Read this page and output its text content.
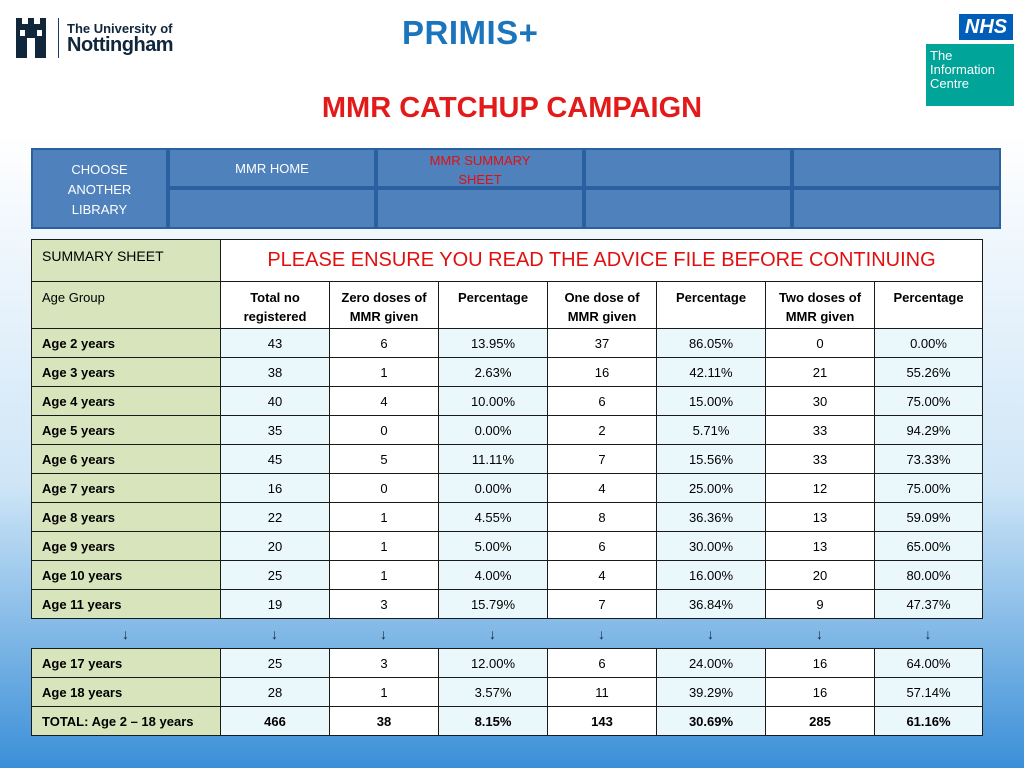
The University of
Nottingham	PRIMIS+	NHS
The
Information
Centre
for health and social care
MMR CATCHUP CAMPAIGN
CHOOSE ANOTHER LIBRARY
MMR HOME
MMR SUMMARY SHEET
SUMMARY SHEET	PLEASE ENSURE YOU READ THE ADVICE FILE BEFORE CONTINUING						
Age Group	Total no registered	Zero doses of MMR given	Percentage	One dose of MMR given	Percentage	Two doses of MMR given	Percentage
Age 2 years	43	6	13.95%	37	86.05%	0	0.00%
Age 3 years	38	1	2.63%	16	42.11%	21	55.26%
Age 4 years	40	4	10.00%	6	15.00%	30	75.00%
Age 5 years	35	0	0.00%	2	5.71%	33	94.29%
Age 6 years	45	5	11.11%	7	15.56%	33	73.33%
Age 7 years	16	0	0.00%	4	25.00%	12	75.00%
Age 8 years	22	1	4.55%	8	36.36%	13	59.09%
Age 9 years	20	1	5.00%	6	30.00%	13	65.00%
Age 10 years	25	1	4.00%	4	16.00%	20	80.00%
Age 11 years	19	3	15.79%	7	36.84%	9	47.37%
↓	↓	↓	↓	↓	↓	↓	↓
Age 17 years	25	3	12.00%	6	24.00%	16	64.00%
Age 18 years	28	1	3.57%	11	39.29%	16	57.14%
TOTAL: Age 2 – 18 years	466	38	8.15%	143	30.69%	285	61.16%
